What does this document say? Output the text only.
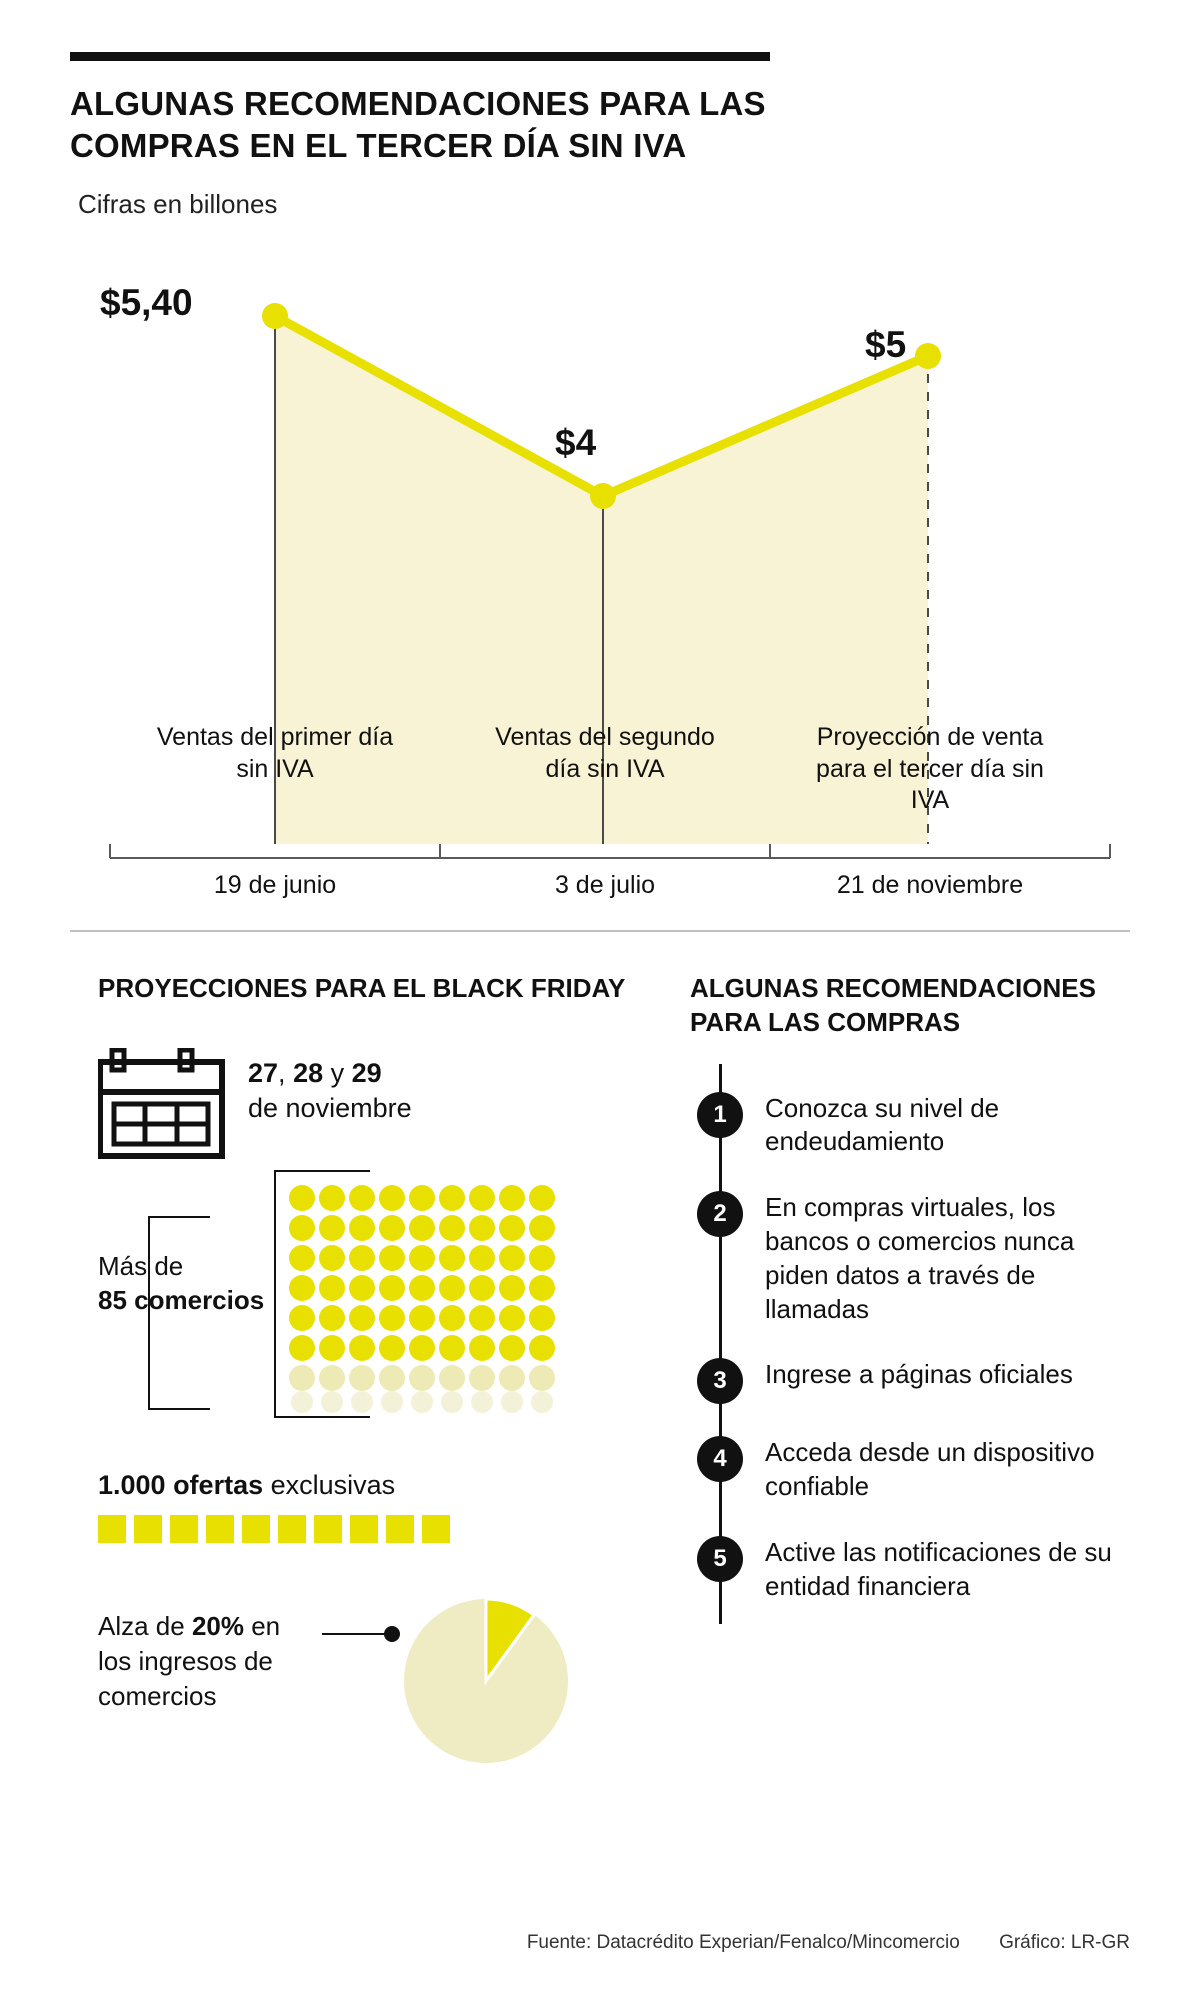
ALGUNAS RECOMENDACIONES PARA LAS COMPRAS EN EL TERCER DÍA SIN IVA
Cifras en billones
$5,40
$4
$5
Ventas del primer día sin IVA
Ventas del segundo día sin IVA
Proyección de venta para el tercer día sin IVA
19 de junio	3 de julio	21 de noviembre
PROYECCIONES PARA EL BLACK FRIDAY
27, 28 y 29
de noviembre
Más de
85 comercios
1.000 ofertas exclusivas
Alza de 20% en
los ingresos de
comercios
ALGUNAS RECOMENDACIONES PARA LAS COMPRAS
1	Conozca su nivel de endeudamiento
2	En compras virtuales, los bancos o comercios nunca piden datos a través de llamadas
3	Ingrese a páginas oficiales
4	Acceda desde un dispositivo confiable
5	Active las notificaciones de su entidad financiera
Fuente: Datacrédito Experian/Fenalco/Mincomercio Gráfico: LR-GR
